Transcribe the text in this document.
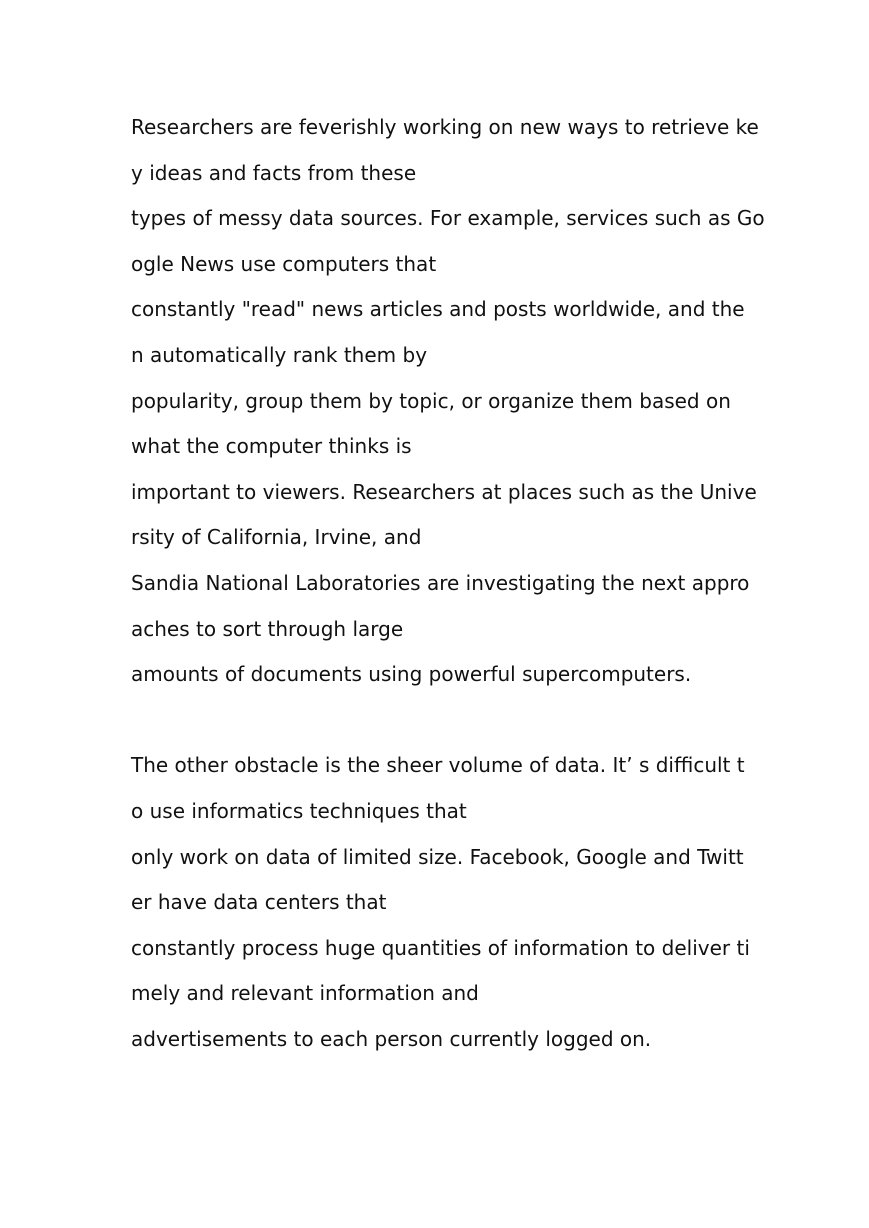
Researchers are feverishly working on new ways to retrieve ke
y ideas and facts from these
types of messy data sources. For example, services such as Go
ogle News use computers that
constantly "read" news articles and posts worldwide, and the
n automatically rank them by
popularity, group them by topic, or organize them based on
what the computer thinks is
important to viewers. Researchers at places such as the Unive
rsity of California, Irvine, and
Sandia National Laboratories are investigating the next appro
aches to sort through large
amounts of documents using powerful supercomputers.
The other obstacle is the sheer volume of data. It’ s difficult t
o use informatics techniques that
only work on data of limited size. Facebook, Google and Twitt
er have data centers that
constantly process huge quantities of information to deliver ti
mely and relevant information and
advertisements to each person currently logged on.
